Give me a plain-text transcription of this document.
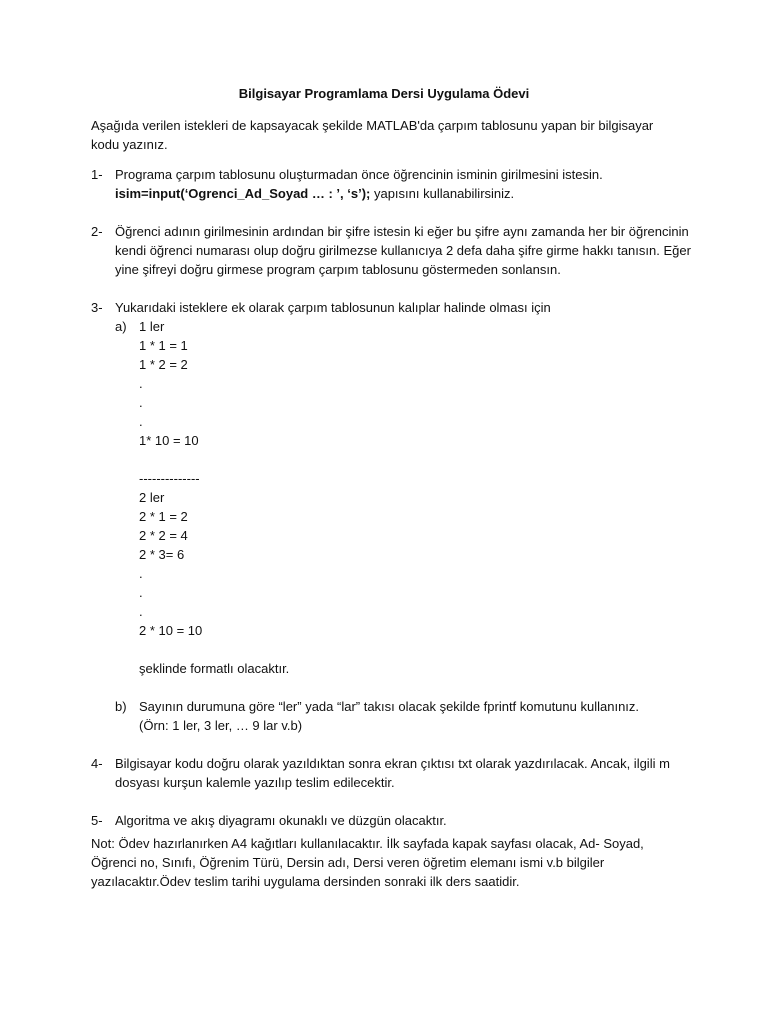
Bilgisayar Programlama Dersi Uygulama Ödevi
Aşağıda verilen istekleri de kapsayacak şekilde MATLAB'da çarpım tablosunu yapan bir bilgisayar kodu yazınız.
1- Programa çarpım tablosunu oluşturmadan önce öğrencinin isminin girilmesini istesin.

isim=input(‘Ogrenci_Ad_Soyad … : ’, ‘s’); yapısını kullanabilirsiniz.

2- Öğrenci adının girilmesinin ardından bir şifre istesin ki eğer bu şifre aynı zamanda her bir öğrencinin kendi öğrenci numarası olup doğru girilmezse kullanıcıya 2 defa daha şifre girme hakkı tanısın. Eğer yine şifreyi doğru girmese program çarpım tablosunu göstermeden sonlansın.

3- Yukarıdaki isteklere ek olarak çarpım tablosunun kalıplar halinde olması için

a) 1 ler
1 * 1 = 1
1 * 2 = 2
.
.
.
1* 10 = 10
--------------
2 ler
2 * 1 = 2
2 * 2 = 4
2 * 3= 6
.
.
.
2 * 10 = 10
şeklinde formatlı olacaktır.
b) Sayının durumuna göre “ler” yada “lar” takısı olacak şekilde fprintf komutunu kullanınız.

(Örn: 1 ler, 3 ler, … 9 lar v.b)

4- Bilgisayar kodu doğru olarak yazıldıktan sonra ekran çıktısı txt olarak yazdırılacak. Ancak, ilgili m dosyası kurşun kalemle yazılıp teslim edilecektir.

5- Algoritma ve akış diyagramı okunaklı ve düzgün olacaktır.

Not: Ödev hazırlanırken A4 kağıtları kullanılacaktır. İlk sayfada kapak sayfası olacak, Ad- Soyad, Öğrenci no, Sınıfı, Öğrenim Türü, Dersin adı, Dersi veren öğretim elemanı ismi v.b bilgiler yazılacaktır.Ödev teslim tarihi uygulama dersinden sonraki ilk ders saatidir.
